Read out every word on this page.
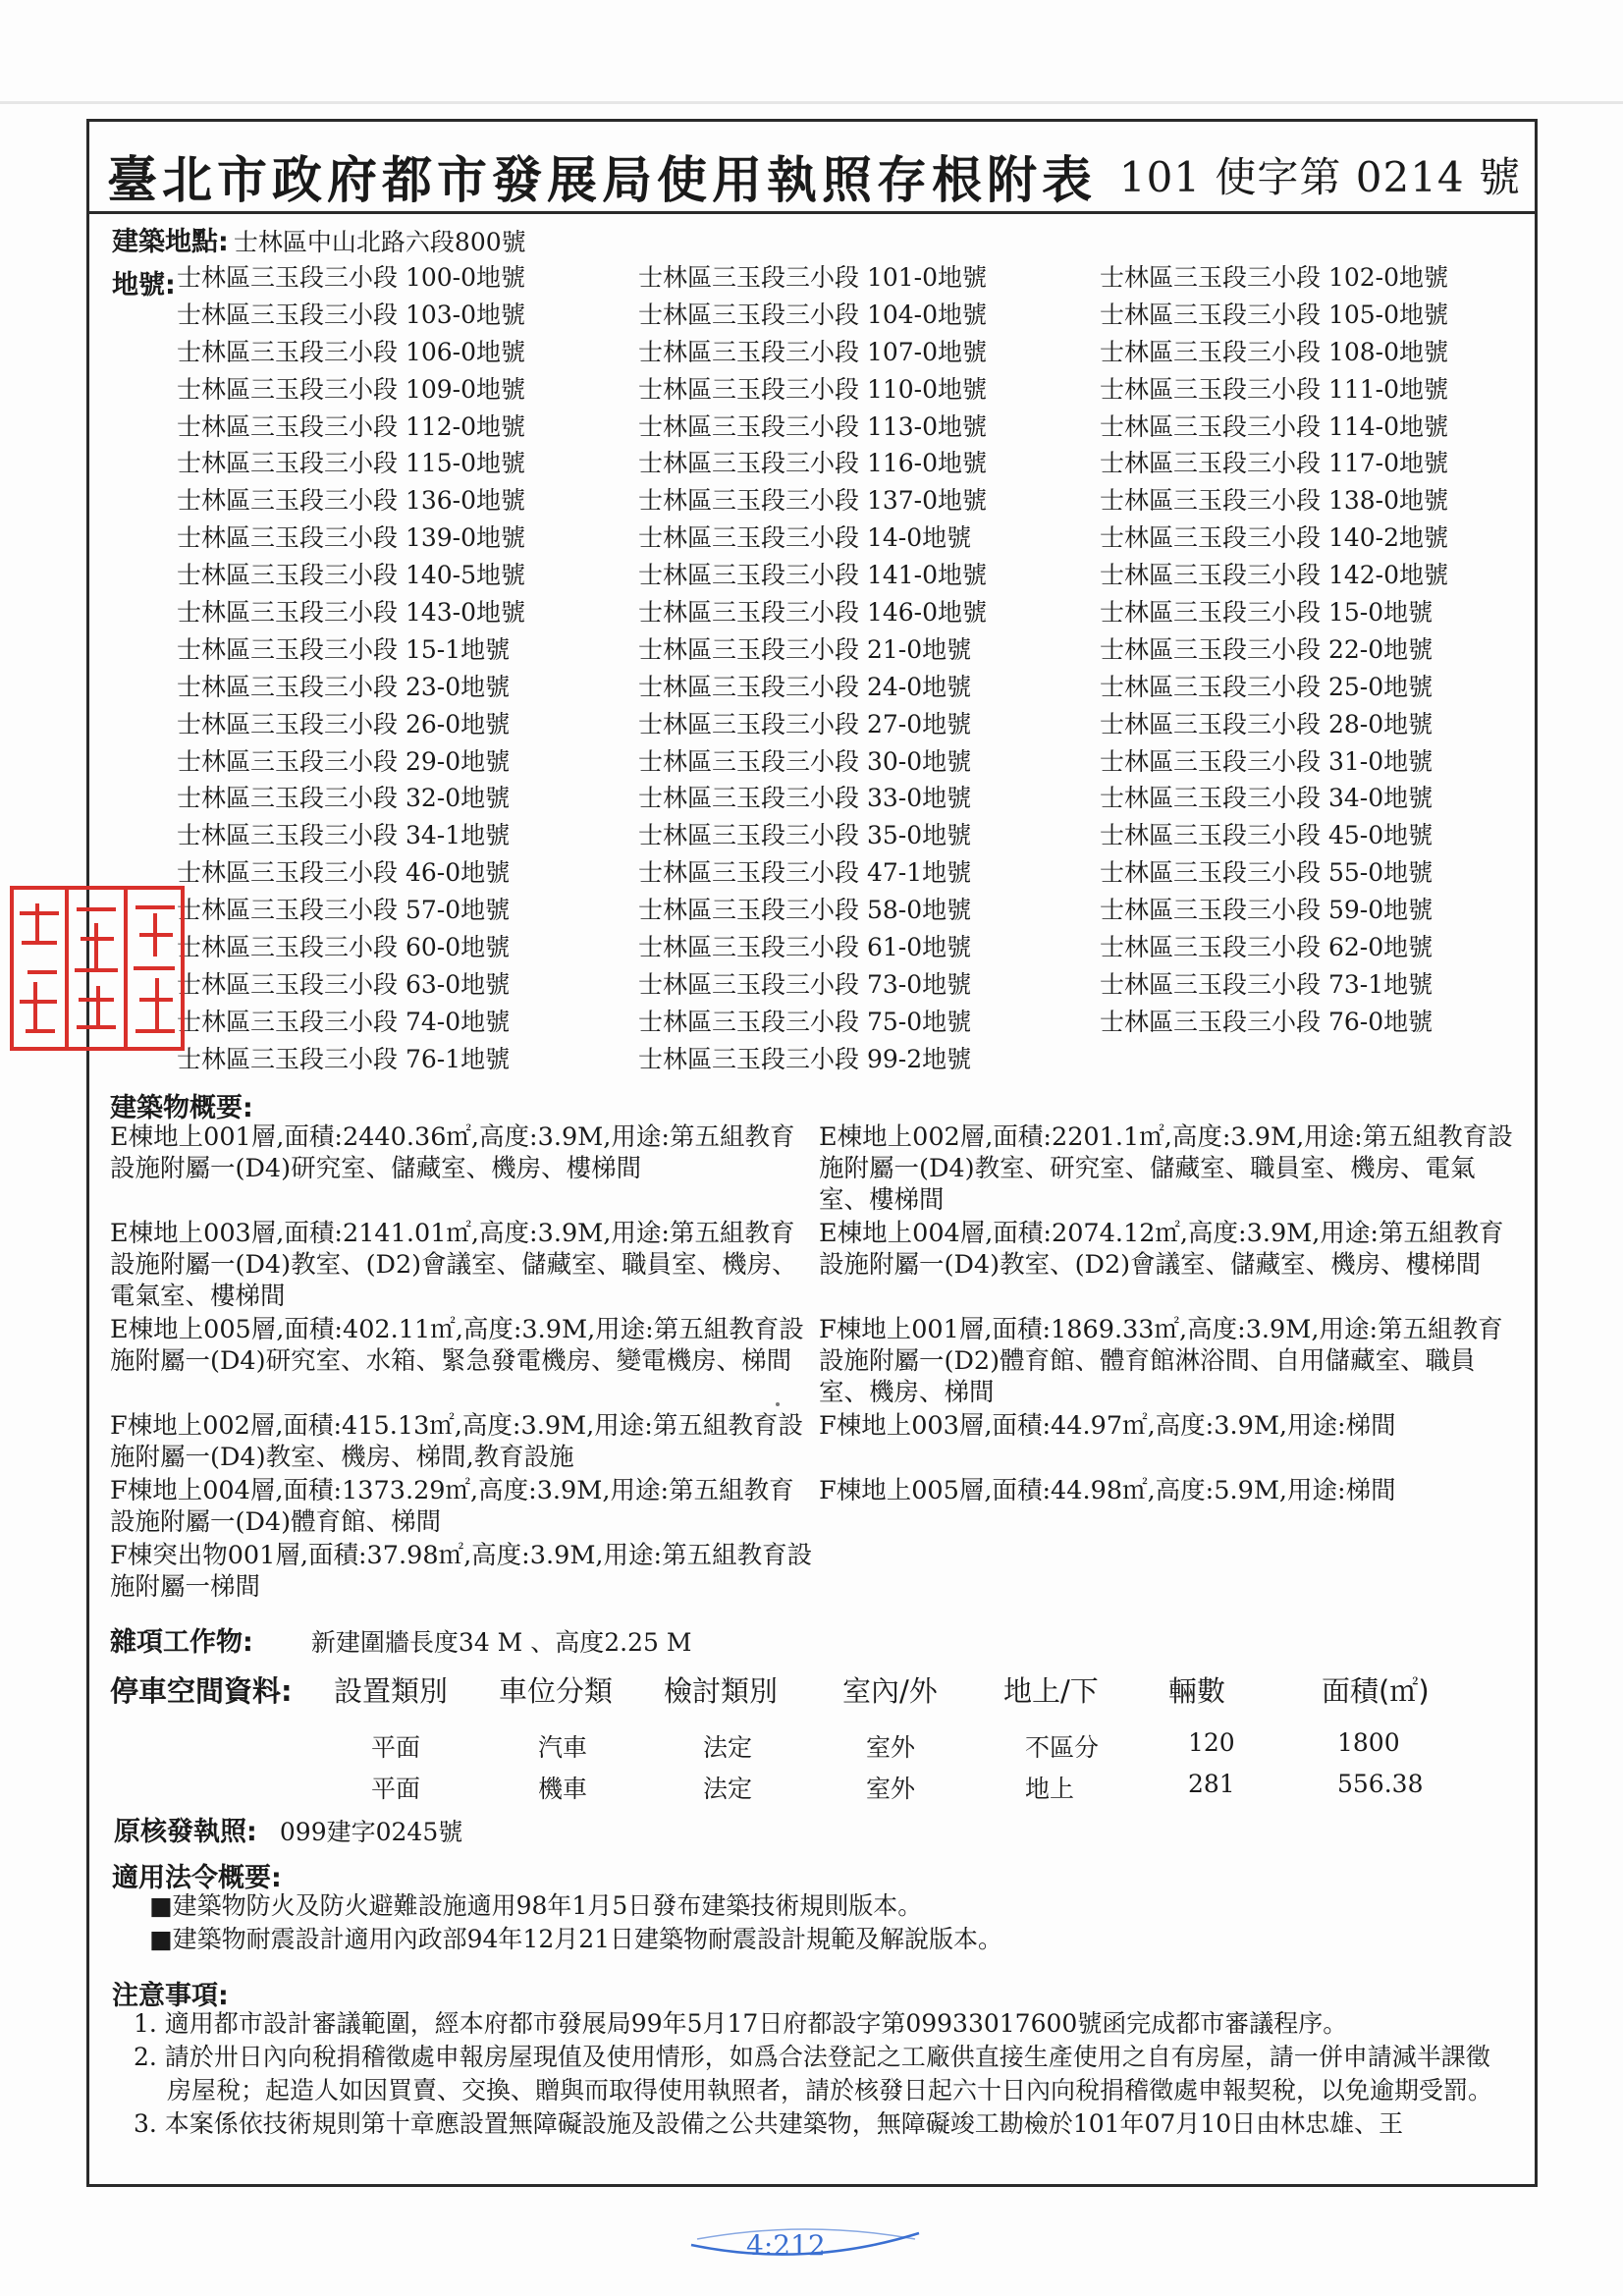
臺北市政府都市發展局使用執照存根附表 101 使字第 0214 號
建築地點: 士林區中山北路六段800號
地號: 士林區三玉段三小段 100-0地號	士林區三玉段三小段 101-0地號	士林區三玉段三小段 102-0地號
士林區三玉段三小段 103-0地號	士林區三玉段三小段 104-0地號	士林區三玉段三小段 105-0地號
士林區三玉段三小段 106-0地號	士林區三玉段三小段 107-0地號	士林區三玉段三小段 108-0地號
士林區三玉段三小段 109-0地號	士林區三玉段三小段 110-0地號	士林區三玉段三小段 111-0地號
士林區三玉段三小段 112-0地號	士林區三玉段三小段 113-0地號	士林區三玉段三小段 114-0地號
士林區三玉段三小段 115-0地號	士林區三玉段三小段 116-0地號	士林區三玉段三小段 117-0地號
士林區三玉段三小段 136-0地號	士林區三玉段三小段 137-0地號	士林區三玉段三小段 138-0地號
士林區三玉段三小段 139-0地號	士林區三玉段三小段 14-0地號	士林區三玉段三小段 140-2地號
士林區三玉段三小段 140-5地號	士林區三玉段三小段 141-0地號	士林區三玉段三小段 142-0地號
士林區三玉段三小段 143-0地號	士林區三玉段三小段 146-0地號	士林區三玉段三小段 15-0地號
士林區三玉段三小段 15-1地號	士林區三玉段三小段 21-0地號	士林區三玉段三小段 22-0地號
士林區三玉段三小段 23-0地號	士林區三玉段三小段 24-0地號	士林區三玉段三小段 25-0地號
士林區三玉段三小段 26-0地號	士林區三玉段三小段 27-0地號	士林區三玉段三小段 28-0地號
士林區三玉段三小段 29-0地號	士林區三玉段三小段 30-0地號	士林區三玉段三小段 31-0地號
士林區三玉段三小段 32-0地號	士林區三玉段三小段 33-0地號	士林區三玉段三小段 34-0地號
士林區三玉段三小段 34-1地號	士林區三玉段三小段 35-0地號	士林區三玉段三小段 45-0地號
士林區三玉段三小段 46-0地號	士林區三玉段三小段 47-1地號	士林區三玉段三小段 55-0地號
士林區三玉段三小段 57-0地號	士林區三玉段三小段 58-0地號	士林區三玉段三小段 59-0地號
士林區三玉段三小段 60-0地號	士林區三玉段三小段 61-0地號	士林區三玉段三小段 62-0地號
士林區三玉段三小段 63-0地號	士林區三玉段三小段 73-0地號	士林區三玉段三小段 73-1地號
士林區三玉段三小段 74-0地號	士林區三玉段三小段 75-0地號	士林區三玉段三小段 76-0地號
士林區三玉段三小段 76-1地號	士林區三玉段三小段 99-2地號
建築物概要:
E棟地上001層,面積:2440.36㎡,高度:3.9M,用途:第五組教育設施附屬一(D4)研究室、儲藏室、機房、樓梯間
E棟地上002層,面積:2201.1㎡,高度:3.9M,用途:第五組教育設施附屬一(D4)教室、研究室、儲藏室、職員室、機房、電氣室、樓梯間
E棟地上003層,面積:2141.01㎡,高度:3.9M,用途:第五組教育設施附屬一(D4)教室、(D2)會議室、儲藏室、職員室、機房、電氣室、樓梯間
E棟地上004層,面積:2074.12㎡,高度:3.9M,用途:第五組教育設施附屬一(D4)教室、(D2)會議室、儲藏室、機房、樓梯間
E棟地上005層,面積:402.11㎡,高度:3.9M,用途:第五組教育設施附屬一(D4)研究室、水箱、緊急發電機房、變電機房、梯間
F棟地上001層,面積:1869.33㎡,高度:3.9M,用途:第五組教育設施附屬一(D2)體育館、體育館淋浴間、自用儲藏室、職員室、機房、梯間
F棟地上002層,面積:415.13㎡,高度:3.9M,用途:第五組教育設施附屬一(D4)教室、機房、梯間,教育設施
F棟地上003層,面積:44.97㎡,高度:3.9M,用途:梯間
F棟地上004層,面積:1373.29㎡,高度:3.9M,用途:第五組教育設施附屬一(D4)體育館、梯間
F棟地上005層,面積:44.98㎡,高度:5.9M,用途:梯間
F棟突出物001層,面積:37.98㎡,高度:3.9M,用途:第五組教育設施附屬一梯間
雜項工作物: 新建圍牆長度34 M 、高度2.25 M
停車空間資料: 設置類別 車位分類 檢討類別 室內/外 地上/下 輛數	面積(㎡)
平面	汽車	法定	室外	不區分	120	1800
平面	機車	法定	室外	地上	281	556.38
原核發執照: 099建字0245號
適用法令概要:
■建築物防火及防火避難設施適用98年1月5日發布建築技術規則版本。
■建築物耐震設計適用內政部94年12月21日建築物耐震設計規範及解說版本。
注意事項:
1. 適用都市設計審議範圍，經本府都市發展局99年5月17日府都設字第09933017600號函完成都市審議程序。
2. 請於卅日內向稅捐稽徵處申報房屋現值及使用情形，如爲合法登記之工廠供直接生產使用之自有房屋，請一併申請減半課徵房屋稅；起造人如因買賣、交換、贈與而取得使用執照者，請於核發日起六十日內向稅捐稽徵處申報契稅，以免逾期受罰。
3. 本案係依技術規則第十章應設置無障礙設施及設備之公共建築物，無障礙竣工勘檢於101年07月10日由林忠雄、王
4:212
